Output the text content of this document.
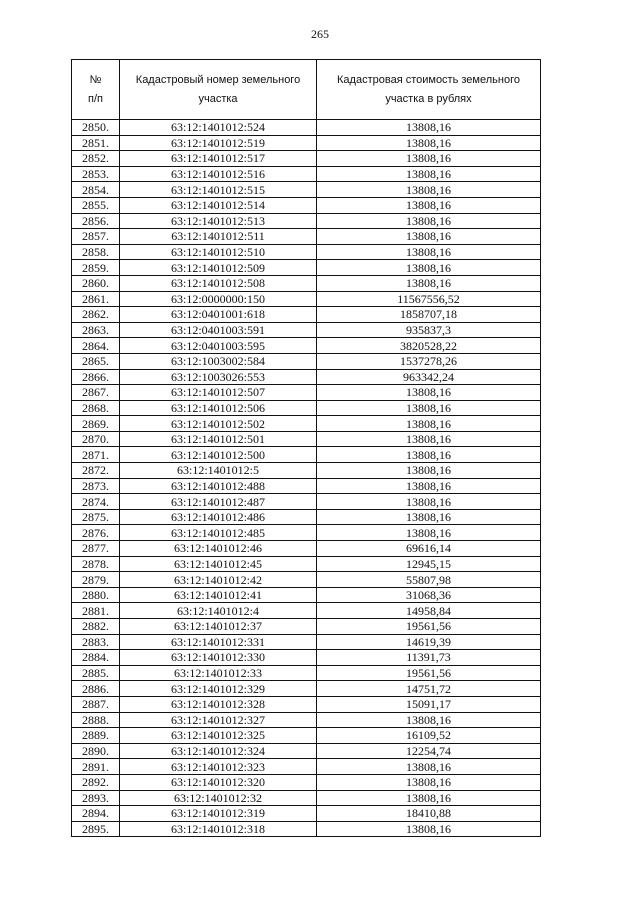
265
№
п/п	Кадастровый номер земельного участка	Кадастровая стоимость земельного участка в рублях
2850.	63:12:1401012:524	13808,16
2851.	63:12:1401012:519	13808,16
2852.	63:12:1401012:517	13808,16
2853.	63:12:1401012:516	13808,16
2854.	63:12:1401012:515	13808,16
2855.	63:12:1401012:514	13808,16
2856.	63:12:1401012:513	13808,16
2857.	63:12:1401012:511	13808,16
2858.	63:12:1401012:510	13808,16
2859.	63:12:1401012:509	13808,16
2860.	63:12:1401012:508	13808,16
2861.	63:12:0000000:150	11567556,52
2862.	63:12:0401001:618	1858707,18
2863.	63:12:0401003:591	935837,3
2864.	63:12:0401003:595	3820528,22
2865.	63:12:1003002:584	1537278,26
2866.	63:12:1003026:553	963342,24
2867.	63:12:1401012:507	13808,16
2868.	63:12:1401012:506	13808,16
2869.	63:12:1401012:502	13808,16
2870.	63:12:1401012:501	13808,16
2871.	63:12:1401012:500	13808,16
2872.	63:12:1401012:5	13808,16
2873.	63:12:1401012:488	13808,16
2874.	63:12:1401012:487	13808,16
2875.	63:12:1401012:486	13808,16
2876.	63:12:1401012:485	13808,16
2877.	63:12:1401012:46	69616,14
2878.	63:12:1401012:45	12945,15
2879.	63:12:1401012:42	55807,98
2880.	63:12:1401012:41	31068,36
2881.	63:12:1401012:4	14958,84
2882.	63:12:1401012:37	19561,56
2883.	63:12:1401012:331	14619,39
2884.	63:12:1401012:330	11391,73
2885.	63:12:1401012:33	19561,56
2886.	63:12:1401012:329	14751,72
2887.	63:12:1401012:328	15091,17
2888.	63:12:1401012:327	13808,16
2889.	63:12:1401012:325	16109,52
2890.	63:12:1401012:324	12254,74
2891.	63:12:1401012:323	13808,16
2892.	63:12:1401012:320	13808,16
2893.	63:12:1401012:32	13808,16
2894.	63:12:1401012:319	18410,88
2895.	63:12:1401012:318	13808,16
